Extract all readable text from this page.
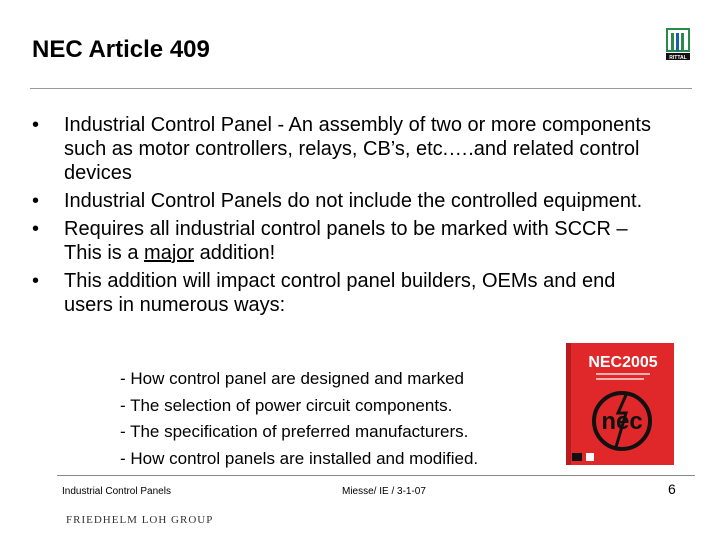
NEC Article 409	RITTAL
• Industrial Control Panel - An assembly of two or more components such as motor controllers, relays, CB’s, etc.….and related control devices
• Industrial Control Panels do not include the controlled equipment.
• Requires all industrial control panels to be marked with SCCR – This is a major addition!
• This addition will impact control panel builders, OEMs and end users in numerous ways:
- How control panel are designed and marked
- The selection of power circuit components.
- The specification of preferred manufacturers.
- How control panels are installed and modified.
NEC2005
nec
Industrial Control Panels	Miesse/ IE / 3-1-07	6
FRIEDHELM LOH GROUP
